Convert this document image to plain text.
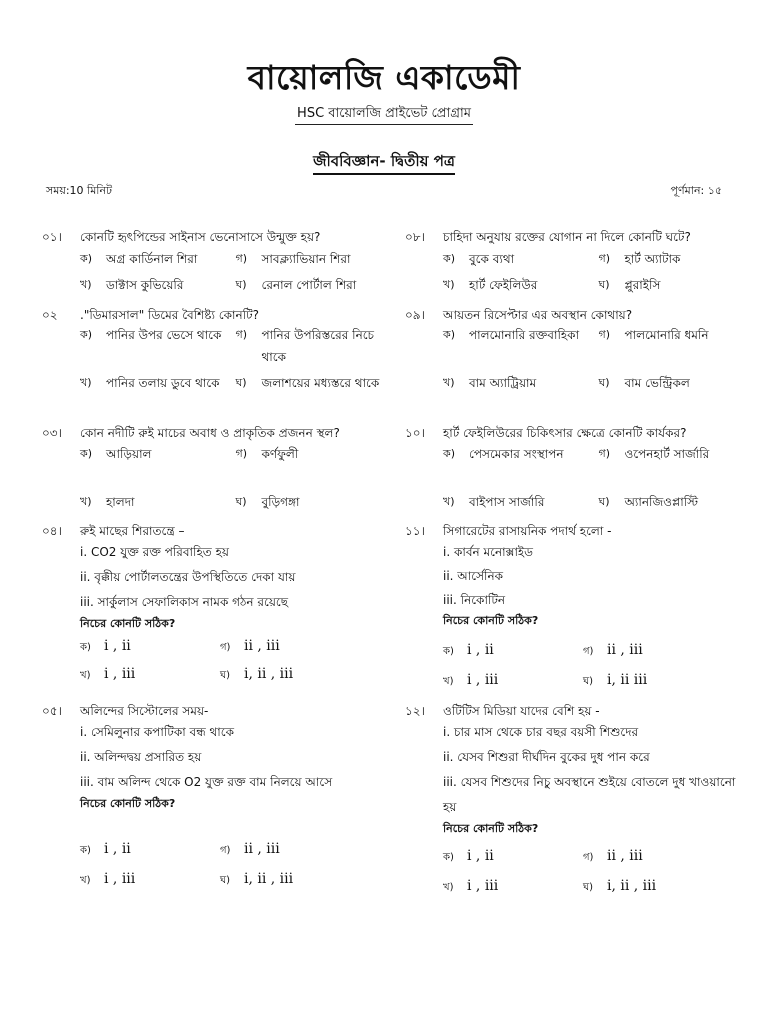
বায়োলজি একাডেমী
HSC বায়োলজি প্রাইভেট প্রোগ্রাম
জীববিজ্ঞান- দ্বিতীয় পত্র
সময়:10 মিনিট	পূর্ণমান: ১৫
০১।	কোনটি হৃৎপিন্ডের সাইনাস ভেনোসাসে উন্মুক্ত হয়?
ক)	অগ্র কার্ডিনাল শিরা	গ)	সাবক্ল্যাভিয়ান শিরা
খ)	ডাক্টাস কুভিয়েরি	ঘ)	রেনাল পোর্টাল শিরা
০২	."ডিমারসাল" ডিমের বৈশিষ্ট্য কোনটি?
ক)	পানির উপর ভেসে থাকে	গ)	পানির উপরিস্তরের নিচে থাকে
খ)	পানির তলায় ডুবে থাকে	ঘ)	জলাশয়ের মধ্যস্তরে থাকে
০৩।	কোন নদীটি রুই মাচের অবাধ ও প্রাকৃতিক প্রজনন স্থল?
ক)	আড়িয়াল	গ)	কর্ণফুলী
খ)	হালদা	ঘ)	বুড়িগঙ্গা
০৪।	রুই মাছের শিরাতন্ত্রে –
i. CO2 যুক্ত রক্ত পরিবাহিত হয়
ii. বৃক্কীয় পোর্টালতন্ত্রের উপস্থিতিতে দেকা যায়
iii. সার্কুলাস সেফালিকাস নামক গঠন রয়েছে
নিচের কোনটি সঠিক?
ক) i , ii	গ) ii , iii
খ) i , iii	ঘ) i, ii , iii
০৫।	অলিন্দের সিস্টোলের সময়-
i. সেমিলুনার কপাটিকা বন্ধ থাকে
ii. অলিন্দদ্বয় প্রসারিত হয়
iii. বাম অলিন্দ থেকে O2 যুক্ত রক্ত বাম নিলয়ে আসে
নিচের কোনটি সঠিক?
ক) i , ii	গ) ii , iii
খ) i , iii	ঘ) i, ii , iii
০৮।	চাহিদা অনুযায় রক্তের যোগান না দিলে কোনটি ঘটে?
ক)	বুকে ব্যথা	গ)	হার্ট অ্যাটাক
খ)	হার্ট ফেইলিউর	ঘ)	প্লুরাইসি
০৯।	আয়তন রিসেপ্টার এর অবস্থান কোথায়?
ক)	পালমোনারি রক্তবাহিকা	গ)	পালমোনারি ধমনি
খ)	বাম অ্যাট্রিয়াম	ঘ)	বাম ভেন্ট্রিকল
১০।	হার্ট ফেইলিউরের চিকিৎসার ক্ষেত্রে কোনটি কার্যকর?
ক)	পেসমেকার সংস্থাপন	গ)	ওপেনহার্ট সার্জারি
খ)	বাইপাস সার্জারি	ঘ)	অ্যানজিওপ্লাস্টি
১১।	সিগারেটের রাসায়নিক পদার্থ হলো -
i. কার্বন মনোক্সাইড
ii. আর্সেনিক
iii. নিকোটিন
নিচের কোনটি সঠিক?
ক) i , ii	গ) ii , iii
খ) i , iii	ঘ) i, ii iii
১২।	ওটিটিস মিডিয়া যাদের বেশি হয় -
i. চার মাস থেকে চার বছর বয়সী শিশুদের
ii. যেসব শিশুরা দীর্ঘদিন বুকের দুধ পান করে
iii. যেসব শিশুদের নিচু অবস্থানে শুইয়ে বোতলে দুধ খাওয়ানো হয়
নিচের কোনটি সঠিক?
ক) i , ii	গ) ii , iii
খ) i , iii	ঘ) i, ii , iii
